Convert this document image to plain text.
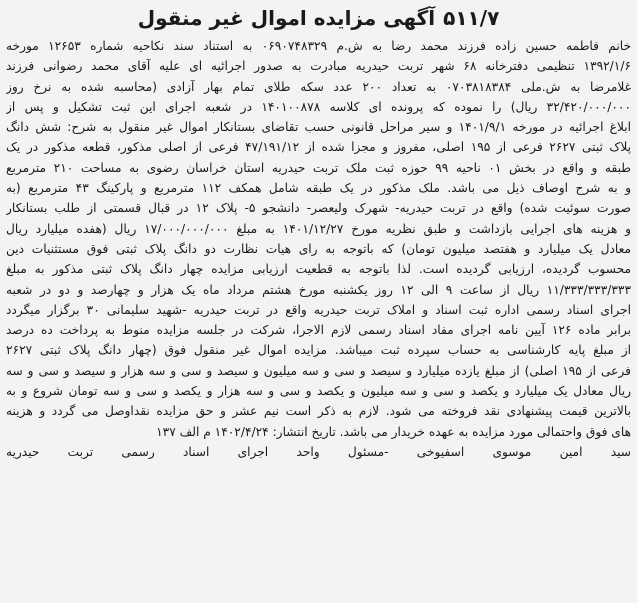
۵۱۱/۷آگهی مزایده اموال غیر منقول
خانم فاطمه حسین زاده فرزند محمد رضا به ش.م ۰۶۹۰۷۴۸۳۲۹ به استناد سند نکاحیه شماره ۱۲۶۵۳ مورخه
۱۳۹۲/۱/۶ تنظیمی دفترخانه ۶۸ شهر تربت حیدریه مبادرت به صدور اجرائیه ای علیه آقای محمد رضوانی فرزند
غلامرضا به ش.ملی ۰۷۰۳۸۱۸۳۸۴ به تعداد ۲۰۰ عدد سکه طلای تمام بهار آزادی (محاسبه شده به نرخ روز
۳۲/۴۲۰/۰۰۰/۰۰۰ ریال) را نموده که پرونده ای کلاسه ۱۴۰۱۰۰۸۷۸ در شعبه اجرای این ثبت تشکیل و پس از
ابلاغ اجرائیه در مورخه ۱۴۰۱/۹/۱ و سیر مراحل قانونی حسب تقاضای بستانکار اموال غیر منقول به شرح: شش دانگ
پلاک ثبتی ۲۶۲۷ فرعی از ۱۹۵ اصلی، مفروز و مجزا شده از ۴۷/۱۹۱/۱۲ فرعی از اصلی مذکور، قطعه مذکور در یک
طبقه و واقع در بخش ۰۱ ناحیه ۹۹ حوزه ثبت ملک تربت حیدریه استان خراسان رضوی به مساحت ۲۱۰ مترمربع
و به شرح اوصاف ذیل می باشد. ملک مذکور در یک طبقه شامل همکف ۱۱۲ مترمربع و پارکینگ ۴۳ مترمربع (به
صورت سوئیت شده) واقع در تربت حیدریه- شهرک ولیعصر- دانشجو ۵- پلاک ۱۲ در قبال قسمتی از طلب بستانکار
و هزینه های اجرایی بازداشت و طبق نظریه مورخ ۱۴۰۱/۱۲/۲۷ به مبلغ ۱۷/۰۰۰/۰۰۰/۰۰۰ ریال (هفده میلیارد ریال
معادل یک میلیارد و هفتصد میلیون تومان) که باتوجه به رای هیات نظارت دو دانگ پلاک ثبتی فوق مستثنیات دین
محسوب گردیده، ارزیابی گردیده است. لذا باتوجه به قطعیت ارزیابی مزایده چهار دانگ پلاک ثبتی مذکور به مبلغ
۱۱/۳۳۳/۳۳۳/۳۳۳ ریال از ساعت ۹ الی ۱۲ روز یکشنبه مورخ هشتم مرداد ماه یک هزار و چهارصد و دو در شعبه
اجرای اسناد رسمی اداره ثبت اسناد و املاک تربت حیدریه واقع در تربت حیدریه -شهید سلیمانی ۳۰ برگزار میگردد
برابر ماده ۱۲۶ آیین نامه اجرای مفاد اسناد رسمی لازم الاجرا، شرکت در جلسه مزایده منوط به پرداخت ده درصد
از مبلغ پایه کارشناسی به حساب سپرده ثبت میباشد. مزایده اموال غیر منقول فوق (چهار دانگ پلاک ثبتی ۲۶۲۷
فرعی از ۱۹۵ اصلی) از مبلغ یازده میلیارد و سیصد و سی و سه میلیون و سیصد و سی و سه هزار و سیصد و سی و سه
ریال معادل یک میلیارد و یکصد و سی و سه میلیون و یکصد و سی و سه هزار و یکصد و سی و سه تومان شروع و به
بالاترین قیمت پیشنهادی نقد فروخته می شود. لازم به ذکر است نیم عشر و حق مزایده نقداوصل می گردد و هزینه
های فوق واحتمالی مورد مزایده به عهده خریدار می باشد. تاریخ انتشار: ۱۴۰۲/۴/۲۴ م الف ۱۳۷
سید امین موسوی اسفیوخی -مسئول واحد اجرای اسناد رسمی تربت حیدریه
